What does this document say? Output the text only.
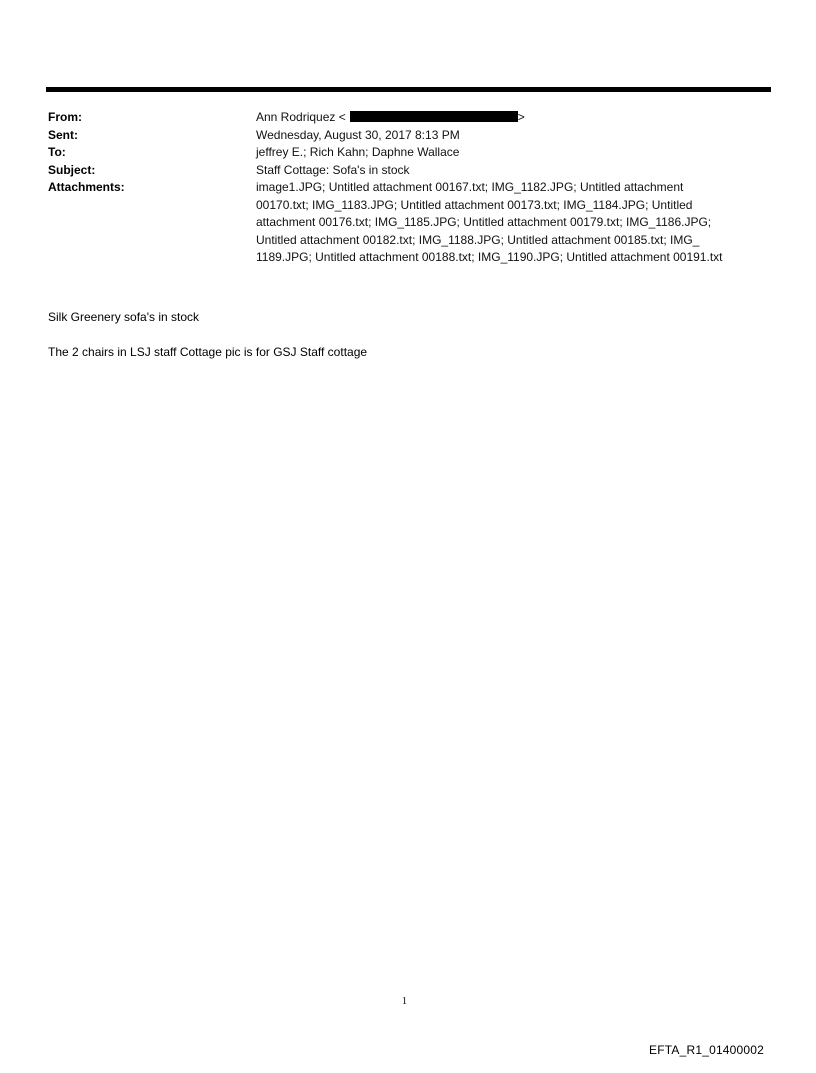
From:	Ann Rodriquez <	>
Sent:	Wednesday, August 30, 2017 8:13 PM
To:	jeffrey E.; Rich Kahn; Daphne Wallace
Subject:	Staff Cottage: Sofa's in stock
Attachments:	image1.JPG; Untitled attachment 00167.txt; IMG_1182.JPG; Untitled attachment
00170.txt; IMG_1183.JPG; Untitled attachment 00173.txt; IMG_1184.JPG; Untitled
attachment 00176.txt; IMG_1185.JPG; Untitled attachment 00179.txt; IMG_1186.JPG;
Untitled attachment 00182.txt; IMG_1188.JPG; Untitled attachment 00185.txt; IMG_
1189.JPG; Untitled attachment 00188.txt; IMG_1190.JPG; Untitled attachment 00191.txt
Silk Greenery sofa's in stock
The 2 chairs in LSJ staff Cottage pic is for GSJ Staff cottage
1
EFTA_R1_01400002
